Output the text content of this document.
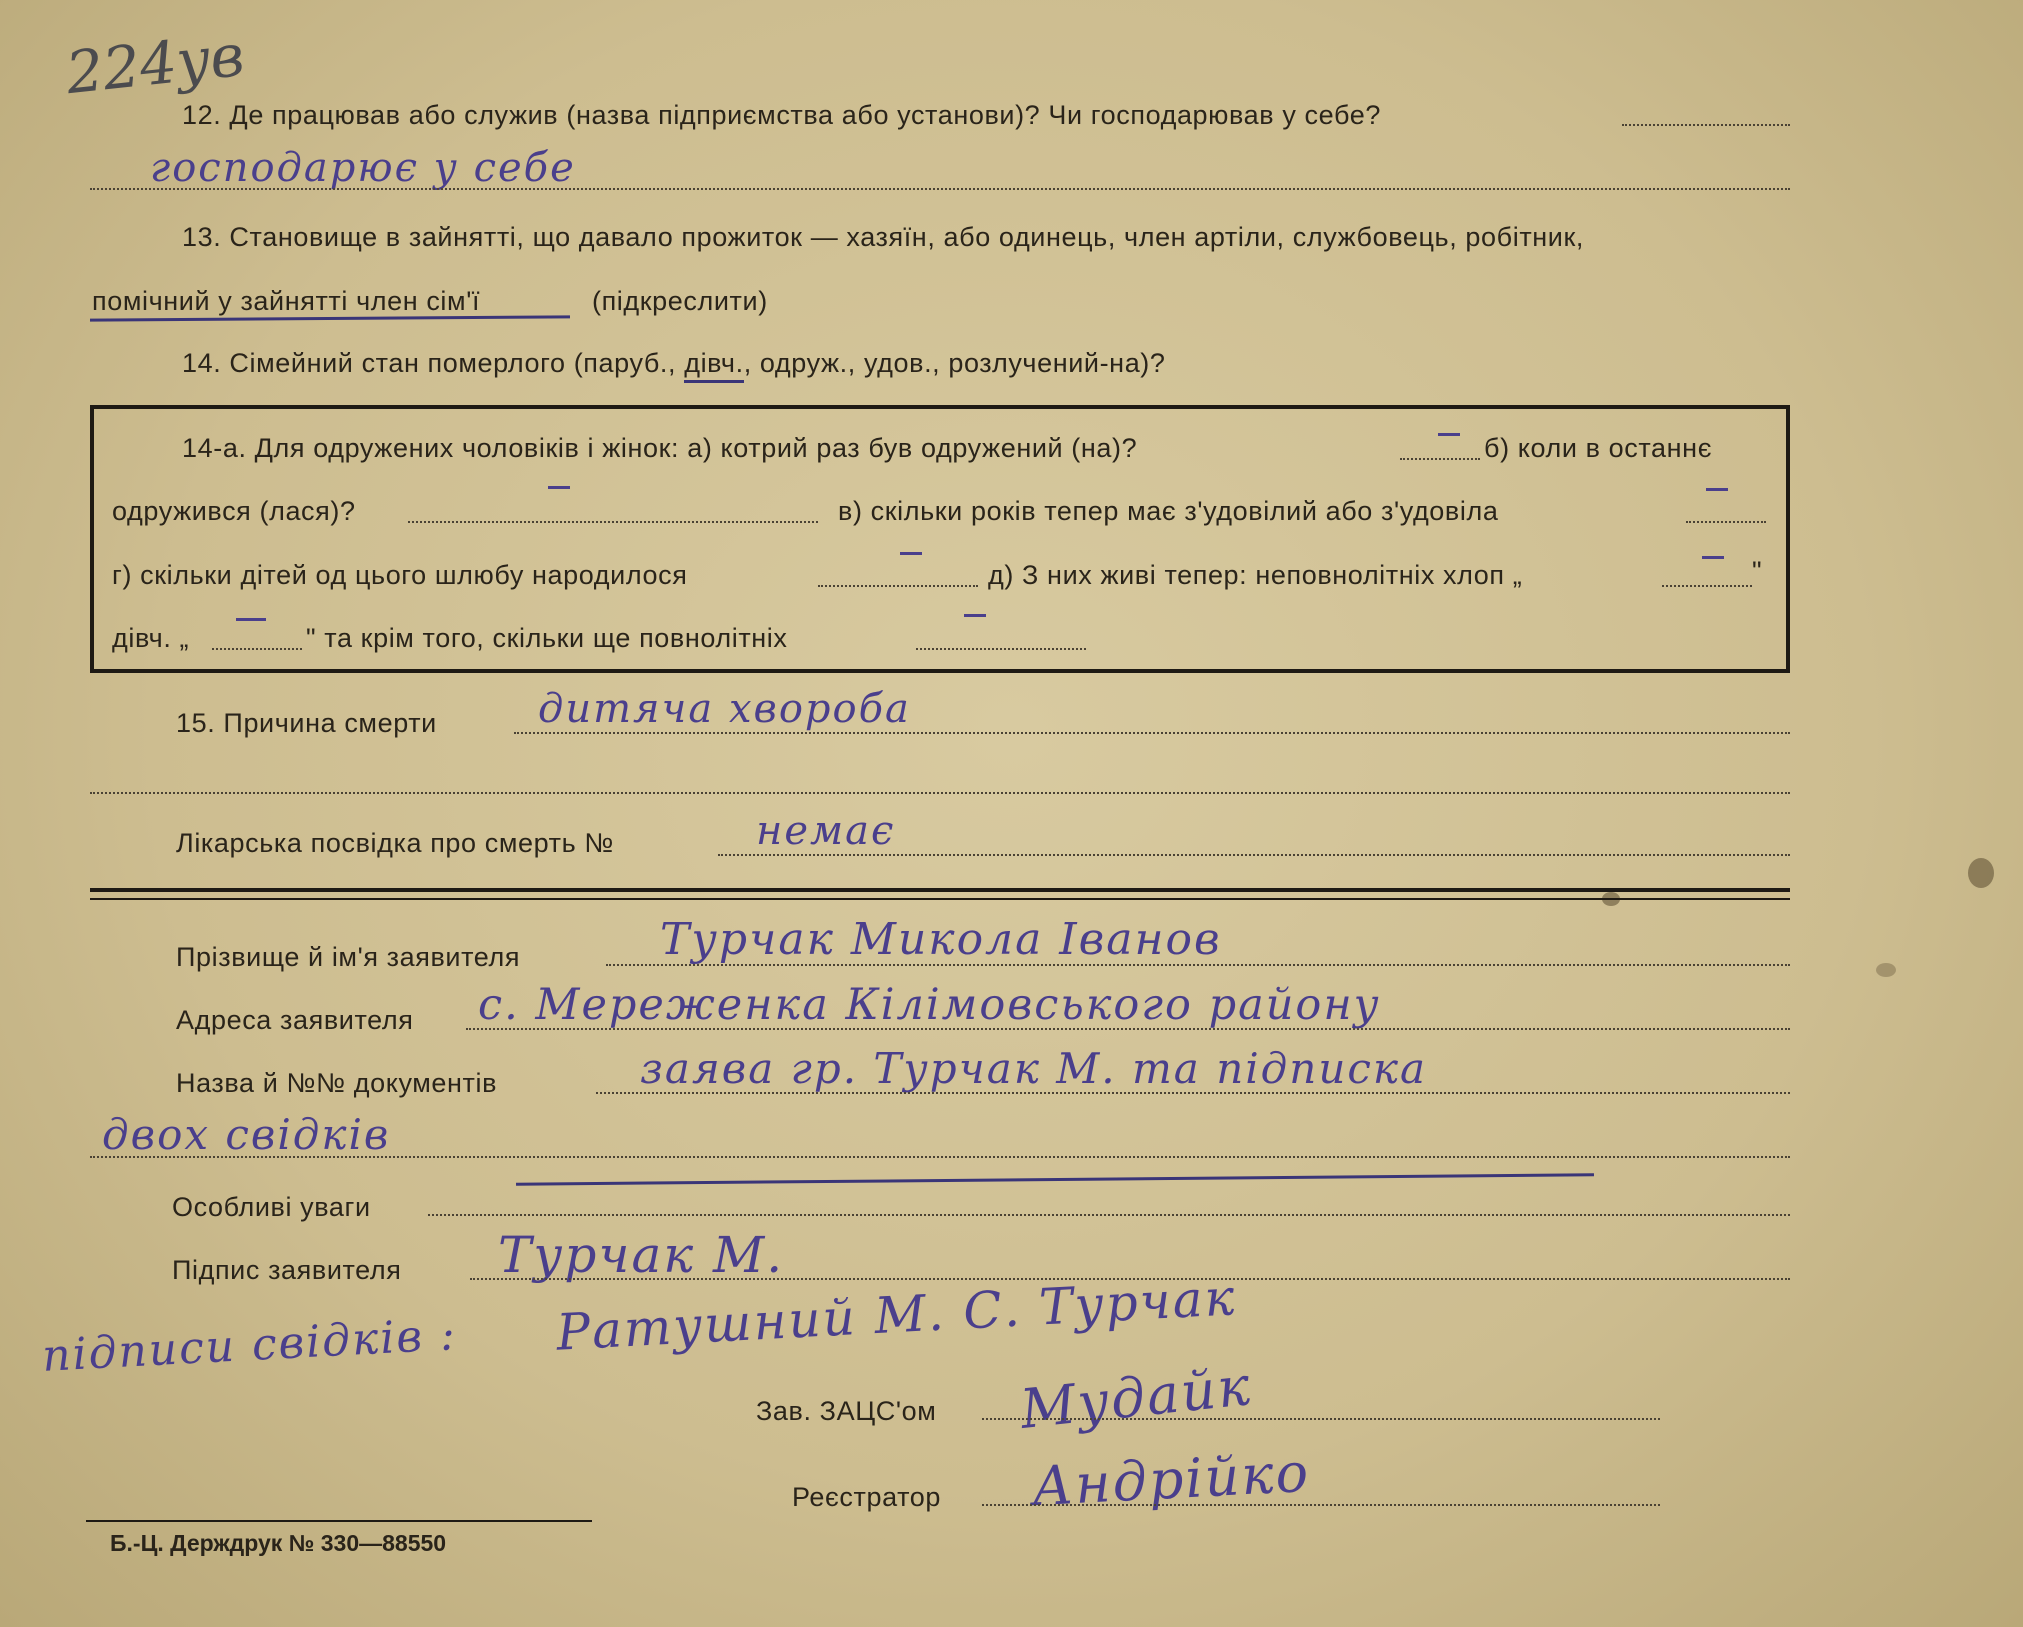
224ув
12. Де працював або служив (назва підприємства або установи)? Чи господарював у себе?
господарює у себе
13. Становище в зайнятті, що давало прожиток — хазяїн, або одинець, член артіли, службовець, робітник,
помічний у зайнятті член сім'ї	(підкреслити)
14. Сімейний стан померлого (паруб., дівч., одруж., удов., розлучений-на)?
14-а. Для одружених чоловіків і жінок: а) котрий раз був одружений (на)?	б) коли в останнє
одружився (лася)?	в) скільки років тепер має з'удовілий або з'удовіла
г) скільки дітей од цього шлюбу народилося	д) З них живі тепер: неповнолітніх хлоп „	"
дівч. „	" та крім того, скільки ще повнолітніх
15. Причина смерти	дитяча хвороба
Лікарська посвідка про смерть №	немає
Прізвище й ім'я заявителя	Турчак Микола Іванов
Адреса заявителя с. Мереженка Кілімовського району
Назва й №№ документів	заява гр. Турчак М. та підписка
двох свідків
Особливі уваги
Підпис заявителя Турчак М.
підписи свідків : Ратушний М. С. Турчак
Зав. ЗАЦС'ом Мудайк
Реєстратор Андрійко
Б.-Ц. Держдрук № 330—88550
